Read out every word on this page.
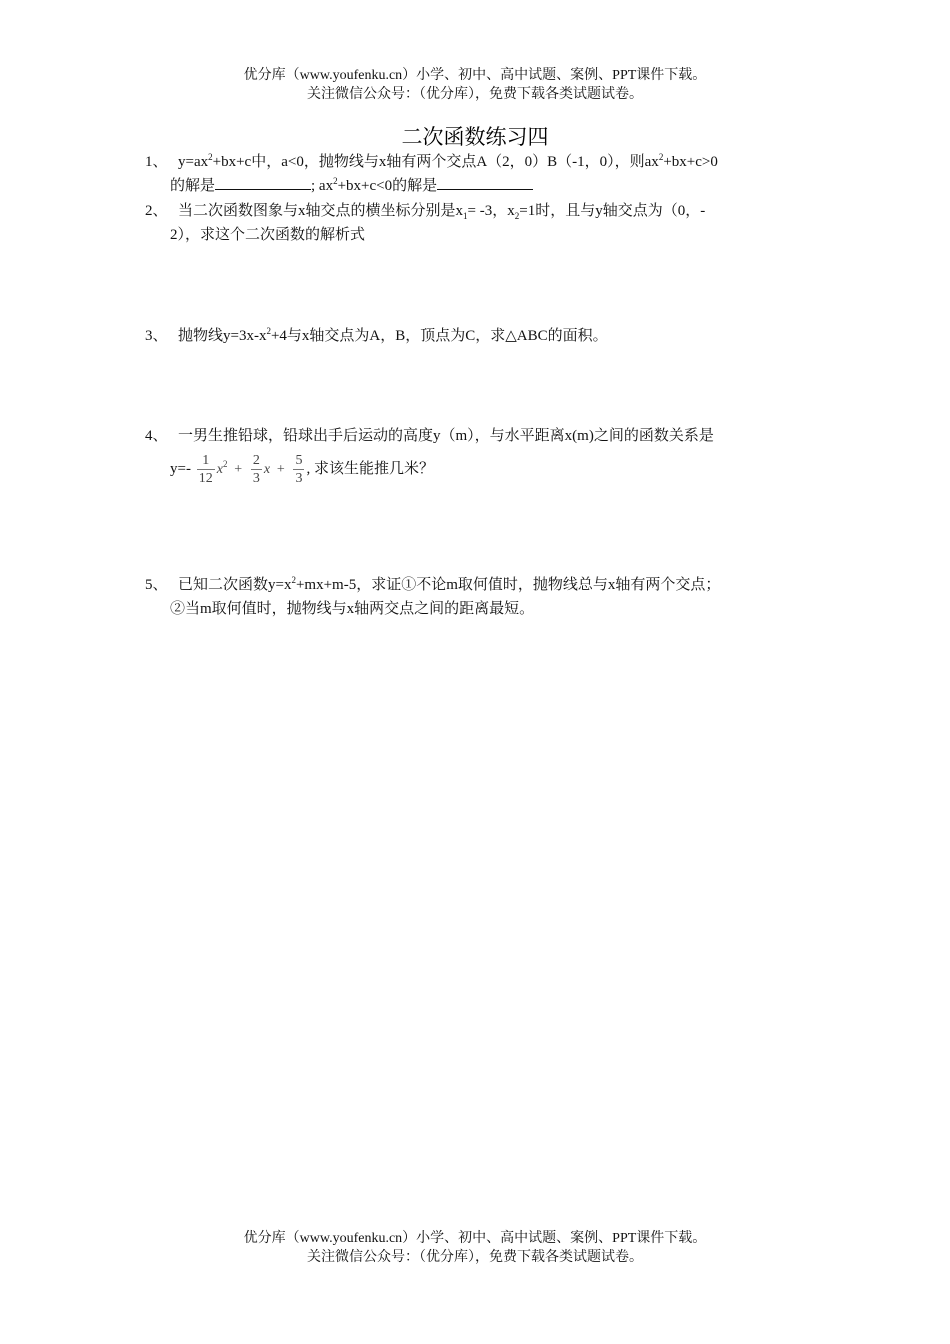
优分库（www.youfenku.cn）小学、初中、高中试题、案例、PPT课件下载。
关注微信公众号：（优分库），免费下载各类试题试卷。
二次函数练习四
1、 $y=ax^2+bx+c$中，a<0，抛物线与x轴有两个交点A（2，0）B（-1，0），则$ax^2+bx+c>0$
的解是	; $ax^2+bx+c<0$的解是
2、 当二次函数图象与x轴交点的横坐标分别是$x_1= -3$，$x_2=1$时，且与y轴交点为（0，-
2），求这个二次函数的解析式
3、 抛物线$y=3x-x^2+4$与x轴交点为A，B，顶点为C，求△ABC的面积。
4、 一男生推铅球，铅球出手后运动的高度y（m），与水平距离x(m)之间的函数关系是
$y=- \frac{1}{12} x^2 + \frac{2}{3}$ $x + \frac{5}{3}$ , 求该生能推几米？
5、 已知二次函数$y=x^2+mx+m-5$，求证①不论m取何值时，抛物线总与x轴有两个交点；
②当m取何值时，抛物线与x轴两交点之间的距离最短。
优分库（www.youfenku.cn）小学、初中、高中试题、案例、PPT课件下载。
关注微信公众号：（优分库），免费下载各类试题试卷。
